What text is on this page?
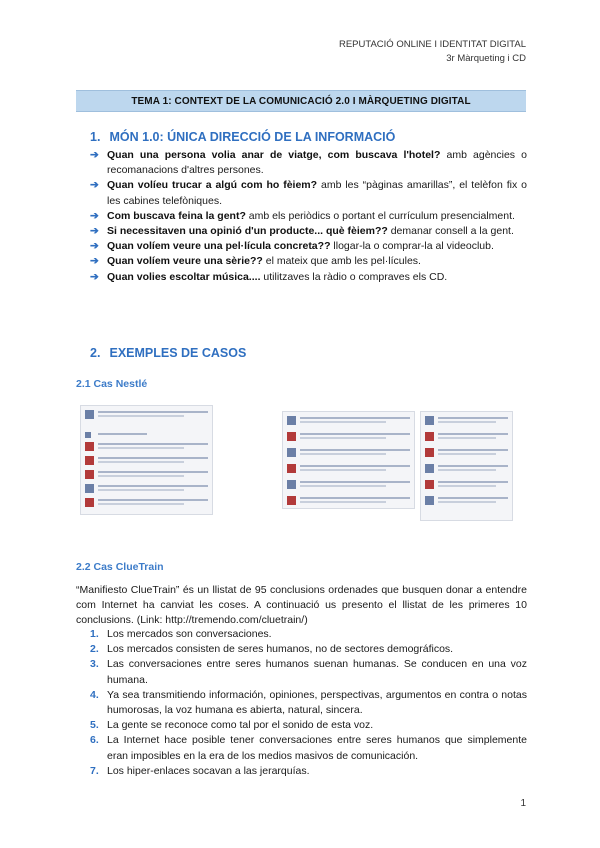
REPUTACIÓ ONLINE I IDENTITAT DIGITAL
3r Màrqueting i CD
TEMA 1: CONTEXT DE LA COMUNICACIÓ 2.0 I MÀRQUETING DIGITAL
1. MÓN 1.0: ÚNICA DIRECCIÓ DE LA INFORMACIÓ
➔ Quan una persona volia anar de viatge, com buscava l'hotel? amb agències o recomanacions d'altres persones.
➔ Quan volíeu trucar a algú com ho fèiem? amb les “pàginas amarillas”, el telèfon fix o les cabines telefòniques.
➔ Com buscava feina la gent? amb els periòdics o portant el currículum presencialment.
➔ Si necessitaven una opinió d'un producte... què fèiem?? demanar consell a la gent.
➔ Quan volíem veure una pel·lícula concreta?? llogar-la o comprar-la al videoclub.
➔ Quan volíem veure una sèrie?? el mateix que amb les pel·lícules.
➔ Quan volies escoltar música.... utilitzaves la ràdio o compraves els CD.
2. EXEMPLES DE CASOS
2.1 Cas Nestlé
2.2 Cas ClueTrain
“Manifiesto ClueTrain” és un llistat de 95 conclusions ordenades que busquen donar a entendre com Internet ha canviat les coses. A continuació us presento el llistat de les primeres 10 conclusions. (Link: http://tremendo.com/cluetrain/)
1. Los mercados son conversaciones.
2. Los mercados consisten de seres humanos, no de sectores demográficos.
3. Las conversaciones entre seres humanos suenan humanas. Se conducen en una voz humana.
4. Ya sea transmitiendo información, opiniones, perspectivas, argumentos en contra o notas humorosas, la voz humana es abierta, natural, sincera.
5. La gente se reconoce como tal por el sonido de esta voz.
6. La Internet hace posible tener conversaciones entre seres humanos que simplemente eran imposibles en la era de los medios masivos de comunicación.
7. Los hiper-enlaces socavan a las jerarquías.
1
